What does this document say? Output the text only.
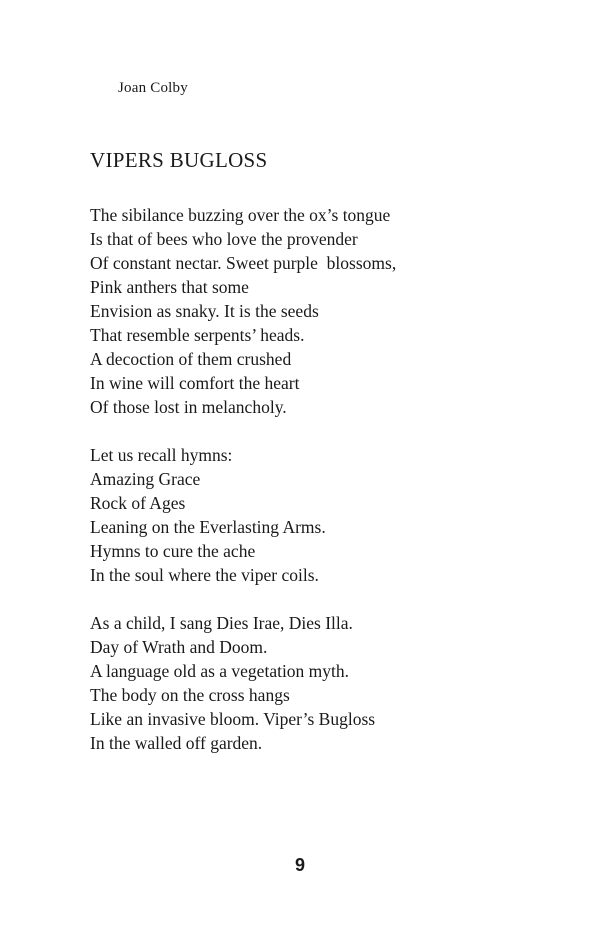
Joan Colby
VIPERS BUGLOSS
The sibilance buzzing over the ox’s tongue
Is that of bees who love the provender
Of constant nectar. Sweet purple  blossoms,
Pink anthers that some
Envision as snaky. It is the seeds
That resemble serpents’ heads.
A decoction of them crushed
In wine will comfort the heart
Of those lost in melancholy.
Let us recall hymns:
Amazing Grace
Rock of Ages
Leaning on the Everlasting Arms.
Hymns to cure the ache
In the soul where the viper coils.
As a child, I sang Dies Irae, Dies Illa.
Day of Wrath and Doom.
A language old as a vegetation myth.
The body on the cross hangs
Like an invasive bloom. Viper’s Bugloss
In the walled off garden.
9
